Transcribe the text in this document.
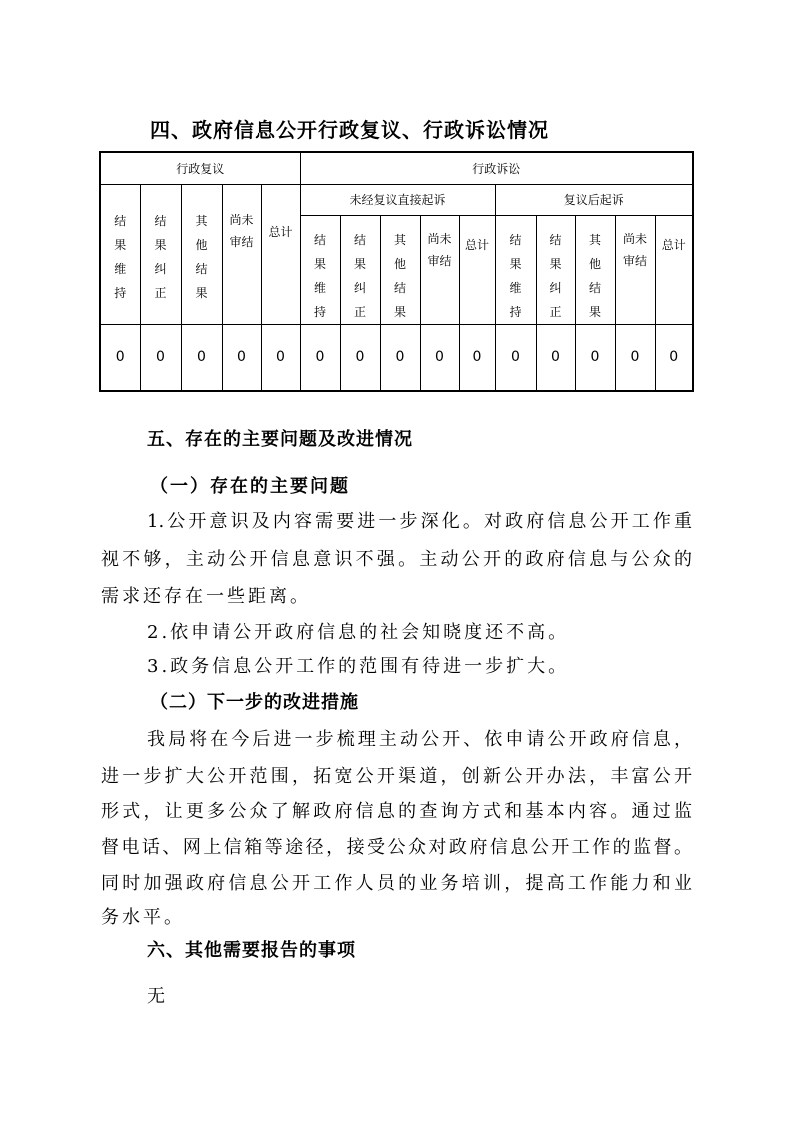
四、政府信息公开行政复议、行政诉讼情况
行政复议					行政诉讼									
结果维持	结果纠正	其他结果	尚未审结	总计	未经复议直接起诉					复议后起诉				
					结果维持	结果纠正	其他结果	尚未审结	总计	结果维持	结果纠正	其他结果	尚未审结	总计
0	0	0	0	0	0	0	0	0	0	0	0	0	0	0
五、存在的主要问题及改进情况
（一）存在的主要问题
1.公开意识及内容需要进一步深化。对政府信息公开工作重
视不够，主动公开信息意识不强。主动公开的政府信息与公众的
需求还存在一些距离。
2.依申请公开政府信息的社会知晓度还不高。
3.政务信息公开工作的范围有待进一步扩大。
（二）下一步的改进措施
我局将在今后进一步梳理主动公开、依申请公开政府信息，
进一步扩大公开范围，拓宽公开渠道，创新公开办法，丰富公开
形式，让更多公众了解政府信息的查询方式和基本内容。通过监
督电话、网上信箱等途径，接受公众对政府信息公开工作的监督。
同时加强政府信息公开工作人员的业务培训，提高工作能力和业
务水平。
六、其他需要报告的事项
无
